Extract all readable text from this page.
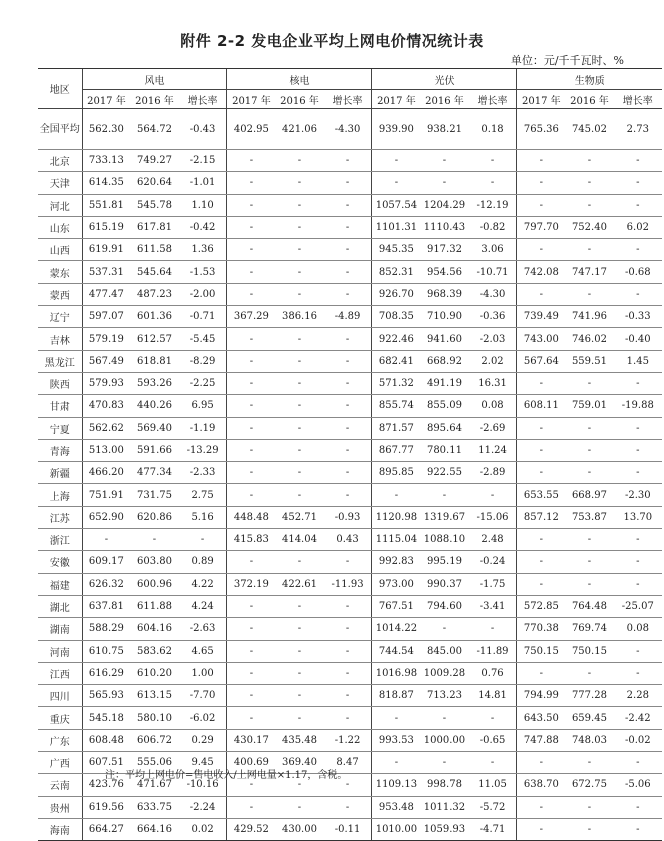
附件 2-2 发电企业平均上网电价情况统计表
单位：元/千千瓦时、%
地区	风电			核电			光伏			生物质		
	2017 年	2016 年	增长率	2017 年	2016 年	增长率	2017 年	2016 年	增长率	2017 年	2016 年	增长率
全国平均	562.30	564.72	-0.43	402.95	421.06	-4.30	939.90	938.21	0.18	765.36	745.02	2.73
北京	733.13	749.27	-2.15	-	-	-	-	-	-	-	-	-
天津	614.35	620.64	-1.01	-	-	-	-	-	-	-	-	-
河北	551.81	545.78	1.10	-	-	-	1057.54	1204.29	-12.19	-	-	-
山东	615.19	617.81	-0.42	-	-	-	1101.31	1110.43	-0.82	797.70	752.40	6.02
山西	619.91	611.58	1.36	-	-	-	945.35	917.32	3.06	-	-	-
蒙东	537.31	545.64	-1.53	-	-	-	852.31	954.56	-10.71	742.08	747.17	-0.68
蒙西	477.47	487.23	-2.00	-	-	-	926.70	968.39	-4.30	-	-	-
辽宁	597.07	601.36	-0.71	367.29	386.16	-4.89	708.35	710.90	-0.36	739.49	741.96	-0.33
吉林	579.19	612.57	-5.45	-	-	-	922.46	941.60	-2.03	743.00	746.02	-0.40
黑龙江	567.49	618.81	-8.29	-	-	-	682.41	668.92	2.02	567.64	559.51	1.45
陕西	579.93	593.26	-2.25	-	-	-	571.32	491.19	16.31	-	-	-
甘肃	470.83	440.26	6.95	-	-	-	855.74	855.09	0.08	608.11	759.01	-19.88
宁夏	562.62	569.40	-1.19	-	-	-	871.57	895.64	-2.69	-	-	-
青海	513.00	591.66	-13.29	-	-	-	867.77	780.11	11.24	-	-	-
新疆	466.20	477.34	-2.33	-	-	-	895.85	922.55	-2.89	-	-	-
上海	751.91	731.75	2.75	-	-	-	-	-	-	653.55	668.97	-2.30
江苏	652.90	620.86	5.16	448.48	452.71	-0.93	1120.98	1319.67	-15.06	857.12	753.87	13.70
浙江	-	-	-	415.83	414.04	0.43	1115.04	1088.10	2.48	-	-	-
安徽	609.17	603.80	0.89	-	-	-	992.83	995.19	-0.24	-	-	-
福建	626.32	600.96	4.22	372.19	422.61	-11.93	973.00	990.37	-1.75	-	-	-
湖北	637.81	611.88	4.24	-	-	-	767.51	794.60	-3.41	572.85	764.48	-25.07
湖南	588.29	604.16	-2.63	-	-	-	1014.22	-	-	770.38	769.74	0.08
河南	610.75	583.62	4.65	-	-	-	744.54	845.00	-11.89	750.15	750.15	-
江西	616.29	610.20	1.00	-	-	-	1016.98	1009.28	0.76	-	-	-
四川	565.93	613.15	-7.70	-	-	-	818.87	713.23	14.81	794.99	777.28	2.28
重庆	545.18	580.10	-6.02	-	-	-	-	-	-	643.50	659.45	-2.42
广东	608.48	606.72	0.29	430.17	435.48	-1.22	993.53	1000.00	-0.65	747.88	748.03	-0.02
广西	607.51	555.06	9.45	400.69	369.40	8.47	-	-	-	-	-	-
云南	423.76	471.67	-10.16	-	-	-	1109.13	998.78	11.05	638.70	672.75	-5.06
贵州	619.56	633.75	-2.24	-	-	-	953.48	1011.32	-5.72	-	-	-
海南	664.27	664.16	0.02	429.52	430.00	-0.11	1010.00	1059.93	-4.71	-	-	-
注：平均上网电价=售电收入/上网电量×1.17，含税。
